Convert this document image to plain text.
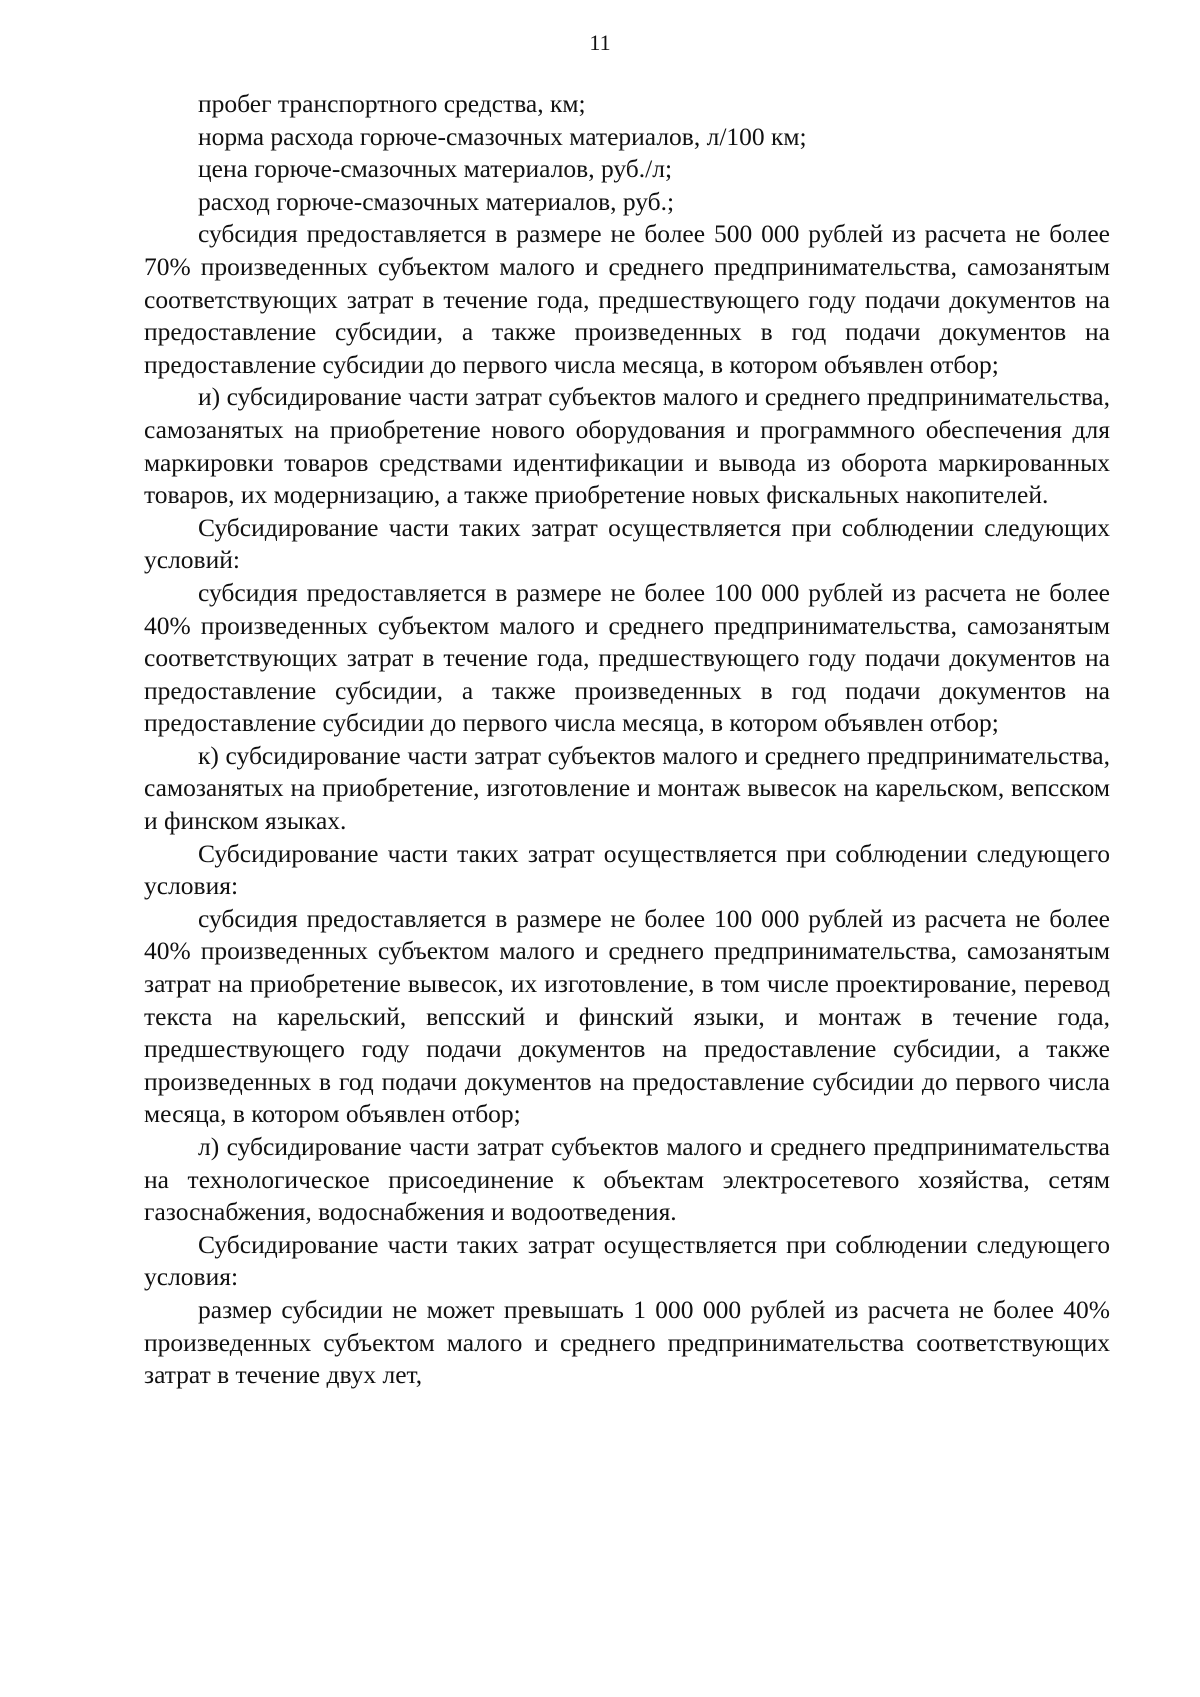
11

пробег транспортного средства, км;

норма расхода горюче-смазочных материалов, л/100 км;

цена горюче-смазочных материалов, руб./л;

расход горюче-смазочных материалов, руб.;

субсидия предоставляется в размере не более 500 000 рублей из расчета не более 70% произведенных субъектом малого и среднего предпринимательства, самозанятым соответствующих затрат в течение года, предшествующего году подачи документов на предоставление субсидии, а также произведенных в год подачи документов на предоставление субсидии до первого числа месяца, в котором объявлен отбор;

и) субсидирование части затрат субъектов малого и среднего предпринимательства, самозанятых на приобретение нового оборудования и программного обеспечения для маркировки товаров средствами идентификации и вывода из оборота маркированных товаров, их модернизацию, а также приобретение новых фискальных накопителей.

Субсидирование части таких затрат осуществляется при соблюдении следующих условий:

субсидия предоставляется в размере не более 100 000 рублей из расчета не более 40% произведенных субъектом малого и среднего предпринимательства, самозанятым соответствующих затрат в течение года, предшествующего году подачи документов на предоставление субсидии, а также произведенных в год подачи документов на предоставление субсидии до первого числа месяца, в котором объявлен отбор;

к) субсидирование части затрат субъектов малого и среднего предпринимательства, самозанятых на приобретение, изготовление и монтаж вывесок на карельском, вепсском и финском языках.

Субсидирование части таких затрат осуществляется при соблюдении следующего условия:

субсидия предоставляется в размере не более 100 000 рублей из расчета не более 40% произведенных субъектом малого и среднего предпринимательства, самозанятым затрат на приобретение вывесок, их изготовление, в том числе проектирование, перевод текста на карельский, вепсский и финский языки, и монтаж в течение года, предшествующего году подачи документов на предоставление субсидии, а также произведенных в год подачи документов на предоставление субсидии до первого числа месяца, в котором объявлен отбор;

л) субсидирование части затрат субъектов малого и среднего предпринимательства на технологическое присоединение к объектам электросетевого хозяйства, сетям газоснабжения, водоснабжения и водоотведения.

Субсидирование части таких затрат осуществляется при соблюдении следующего условия:

размер субсидии не может превышать 1 000 000 рублей из расчета не более 40% произведенных субъектом малого и среднего предпринимательства соответствующих затрат в течение двух лет,
